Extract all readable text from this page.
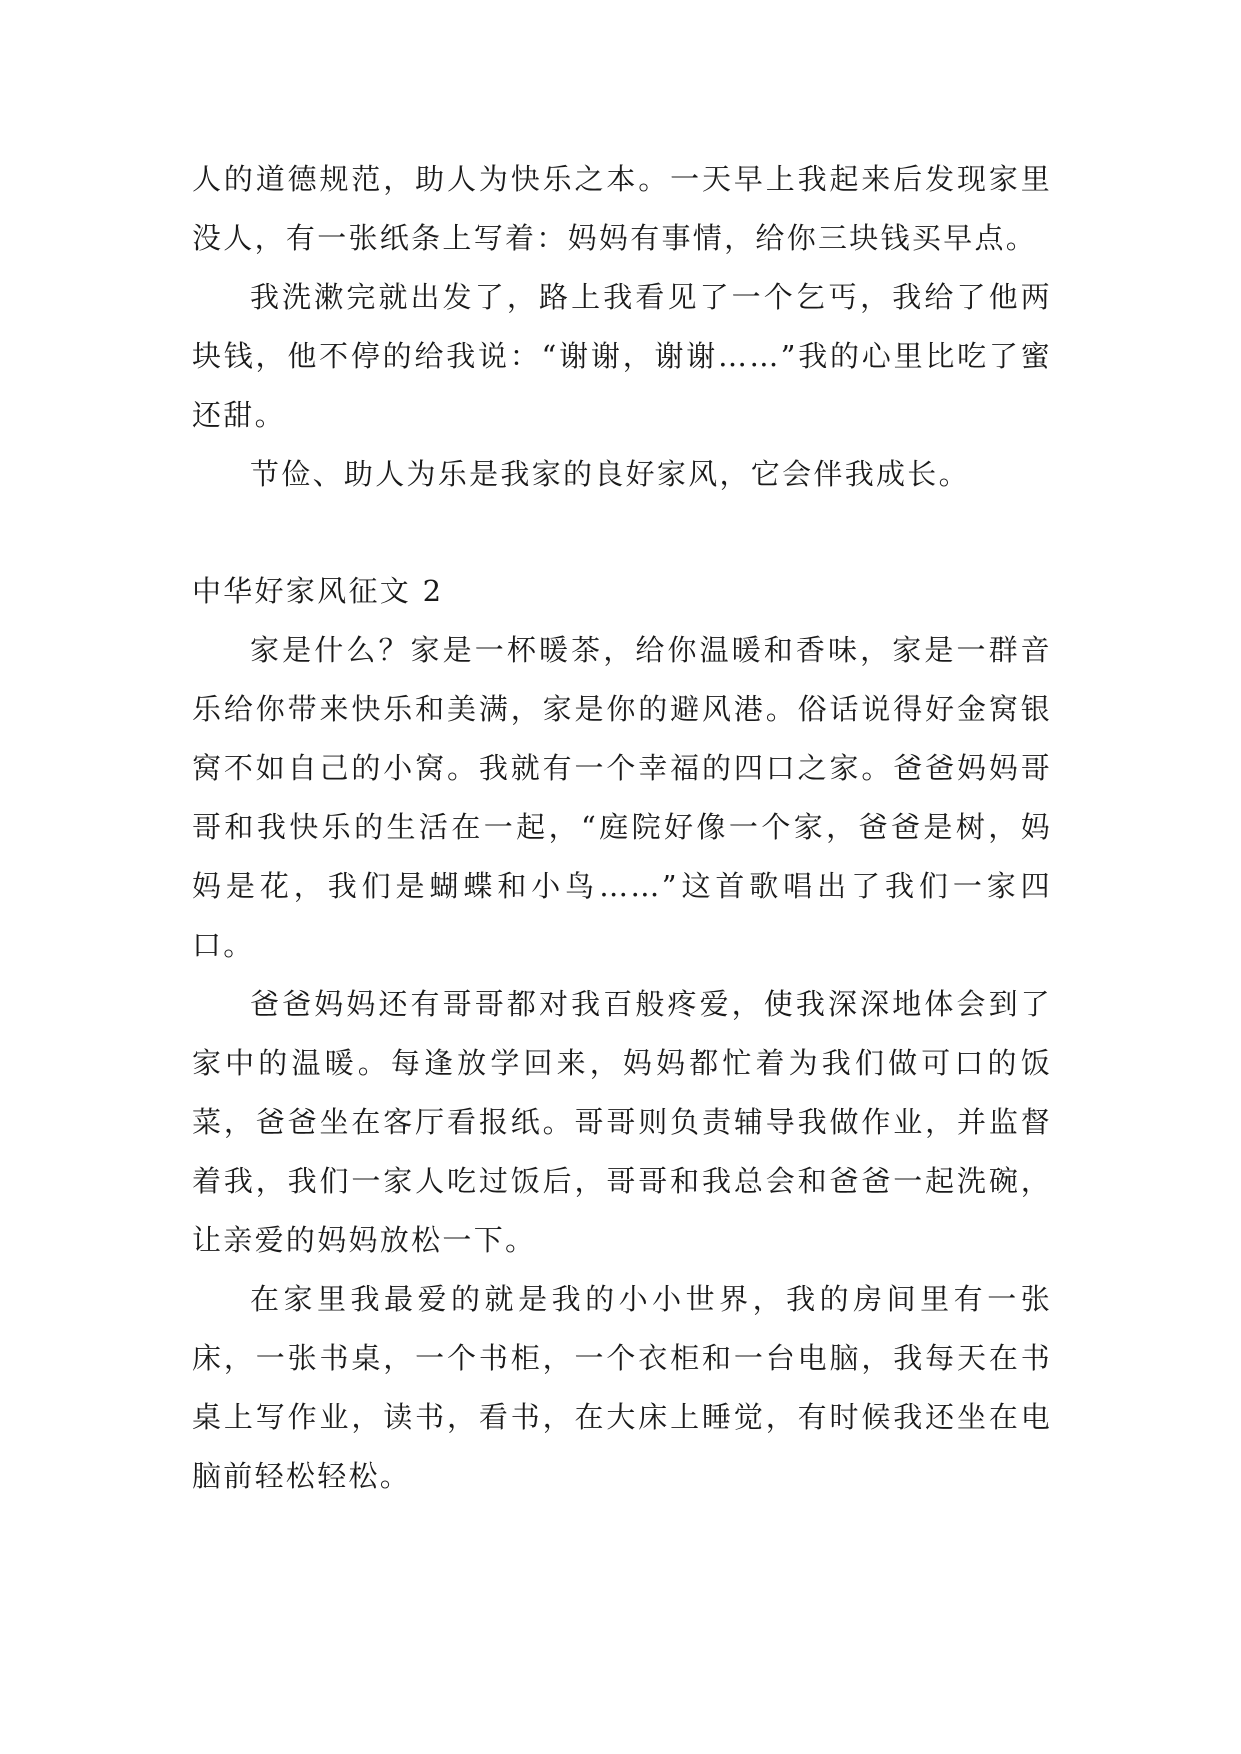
人的道德规范，助人为快乐之本。一天早上我起来后发现家里没人，有一张纸条上写着：妈妈有事情，给你三块钱买早点。

我洗漱完就出发了，路上我看见了一个乞丐，我给了他两块钱，他不停的给我说：“谢谢，谢谢……”我的心里比吃了蜜还甜。

节俭、助人为乐是我家的良好家风，它会伴我成长。

中华好家风征文 2

家是什么？家是一杯暖茶，给你温暖和香味，家是一群音乐给你带来快乐和美满，家是你的避风港。俗话说得好金窝银窝不如自己的小窝。我就有一个幸福的四口之家。爸爸妈妈哥哥和我快乐的生活在一起，“庭院好像一个家，爸爸是树，妈妈是花，我们是蝴蝶和小鸟……”这首歌唱出了我们一家四口。

爸爸妈妈还有哥哥都对我百般疼爱，使我深深地体会到了家中的温暖。每逢放学回来，妈妈都忙着为我们做可口的饭菜，爸爸坐在客厅看报纸。哥哥则负责辅导我做作业，并监督着我，我们一家人吃过饭后，哥哥和我总会和爸爸一起洗碗，让亲爱的妈妈放松一下。

在家里我最爱的就是我的小小世界，我的房间里有一张床，一张书桌，一个书柜，一个衣柜和一台电脑，我每天在书桌上写作业，读书，看书，在大床上睡觉，有时候我还坐在电脑前轻松轻松。
